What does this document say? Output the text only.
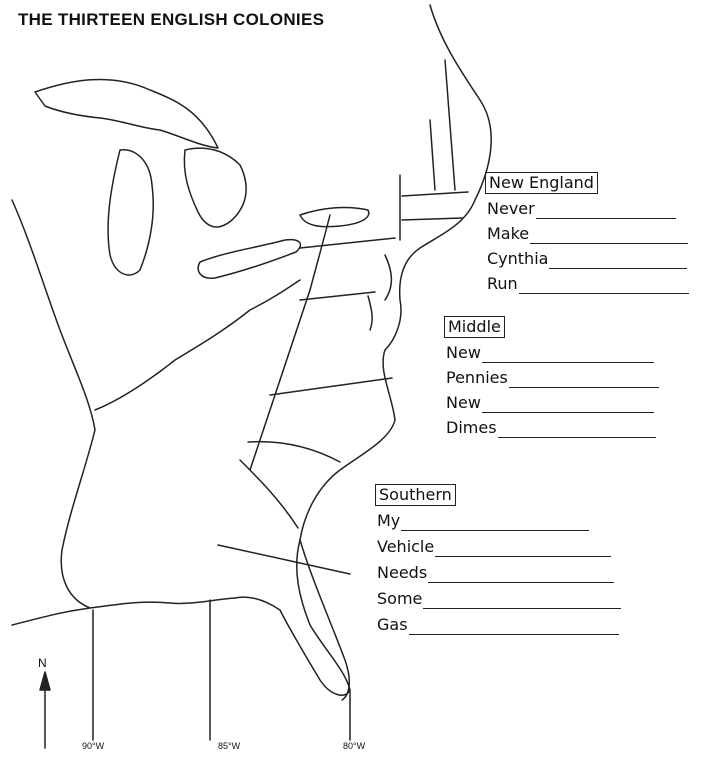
THE THIRTEEN ENGLISH COLONIES
New England
Never
Make
Cynthia
Run
Middle
New
Pennies
New
Dimes
Southern
My
Vehicle
Needs
Some
Gas
N
90°W	85°W	80°W
